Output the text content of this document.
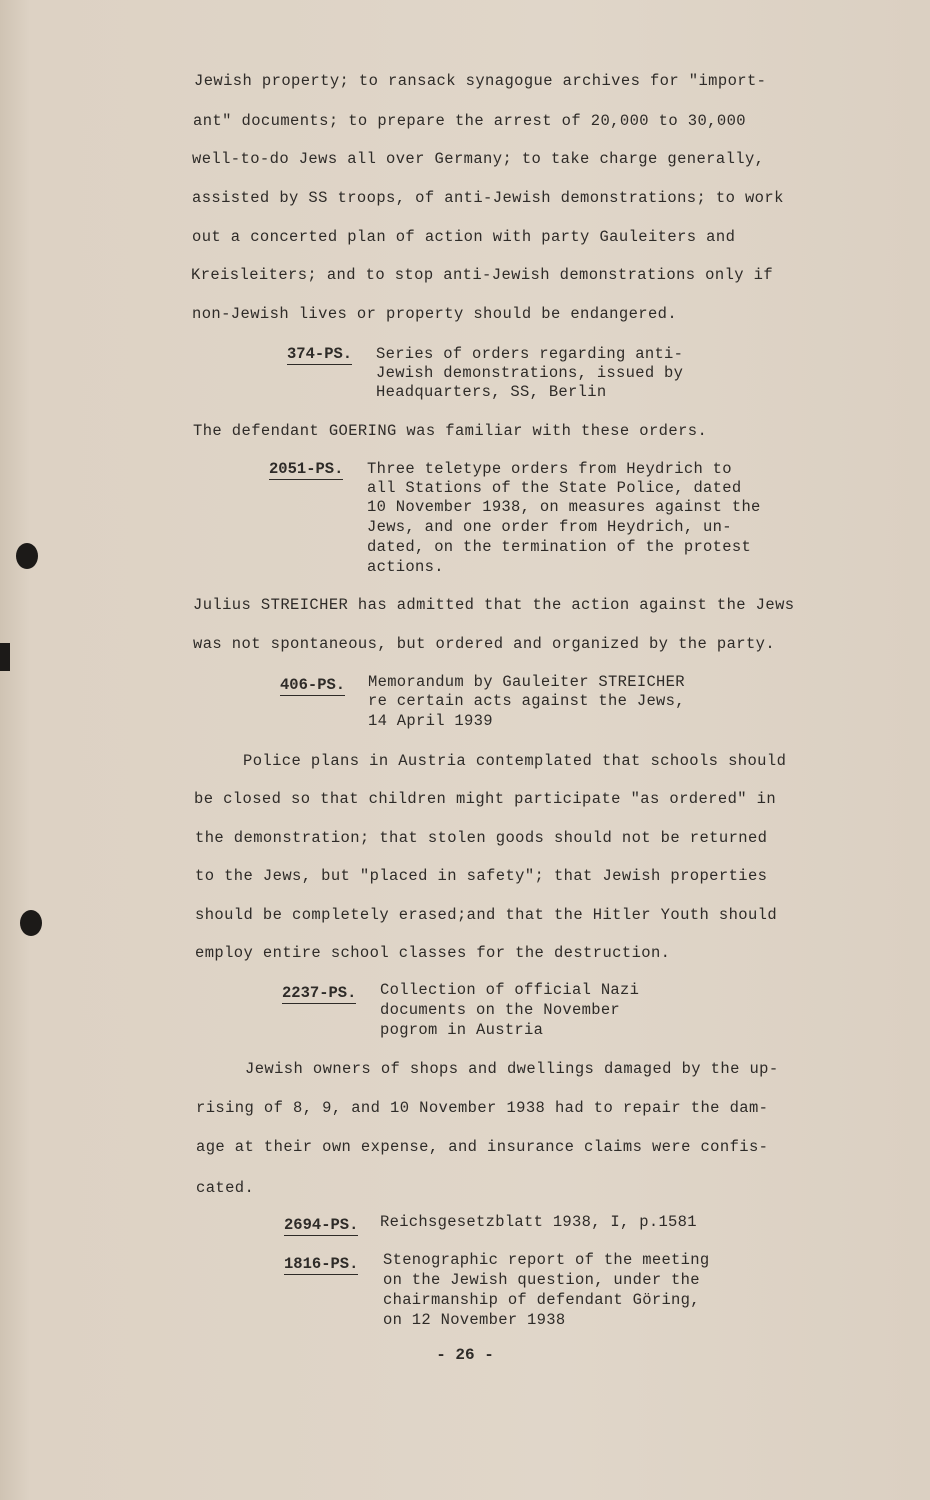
Jewish property; to ransack synagogue archives for "import-
ant" documents; to prepare the arrest of 20,000 to 30,000
well-to-do Jews all over Germany; to take charge generally,
assisted by SS troops, of anti-Jewish demonstrations; to work
out a concerted plan of action with party Gauleiters and
Kreisleiters; and to stop anti-Jewish demonstrations only if
non-Jewish lives or property should be endangered.
374-PS. Series of orders regarding anti-
Jewish demonstrations, issued by
Headquarters, SS, Berlin
The defendant GOERING was familiar with these orders.
2051-PS. Three teletype orders from Heydrich to
all Stations of the State Police, dated
10 November 1938, on measures against the
Jews, and one order from Heydrich, un-
dated, on the termination of the protest
actions.
Julius STREICHER has admitted that the action against the Jews
was not spontaneous, but ordered and organized by the party.
406-PS. Memorandum by Gauleiter STREICHER
re certain acts against the Jews,
14 April 1939
Police plans in Austria contemplated that schools should
be closed so that children might participate "as ordered" in
the demonstration; that stolen goods should not be returned
to the Jews, but "placed in safety"; that Jewish properties
should be completely erased;and that the Hitler Youth should
employ entire school classes for the destruction.
2237-PS. Collection of official Nazi
documents on the November
pogrom in Austria
Jewish owners of shops and dwellings damaged by the up-
rising of 8, 9, and 10 November 1938 had to repair the dam-
age at their own expense, and insurance claims were confis-
cated.
2694-PS. Reichsgesetzblatt 1938, I, p.1581
1816-PS. Stenographic report of the meeting
on the Jewish question, under the
chairmanship of defendant Göring,
on 12 November 1938
- 26 -
